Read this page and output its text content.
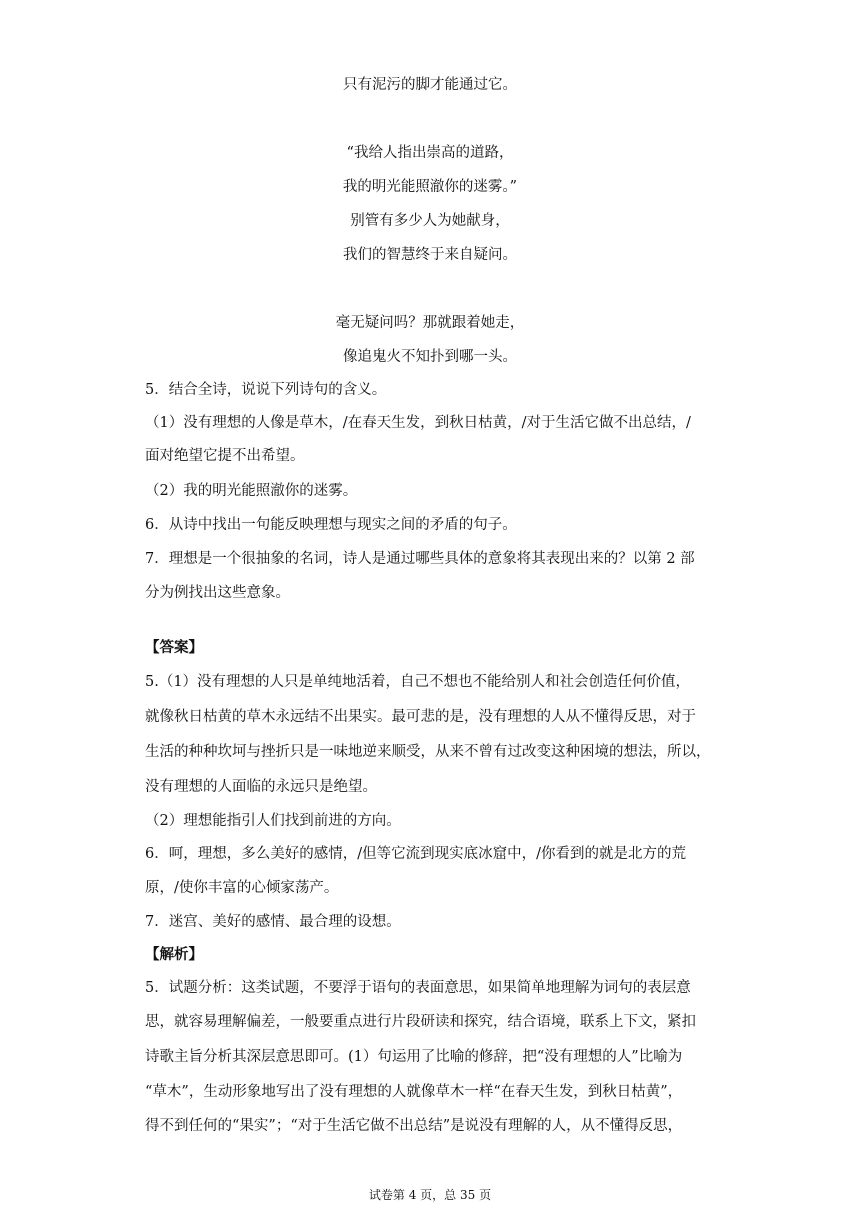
只有泥污的脚才能通过它。
“我给人指出崇高的道路，
我的明光能照澈你的迷雾。”
别管有多少人为她献身，
我们的智慧终于来自疑问。
毫无疑问吗？那就跟着她走，
像追鬼火不知扑到哪一头。
5．结合全诗，说说下列诗句的含义。
（1）没有理想的人像是草木，/在春天生发，到秋日枯黄，/对于生活它做不出总结，/
面对绝望它提不出希望。
（2）我的明光能照澈你的迷雾。
6．从诗中找出一句能反映理想与现实之间的矛盾的句子。
7．理想是一个很抽象的名词，诗人是通过哪些具体的意象将其表现出来的？以第 2 部
分为例找出这些意象。
【答案】
5.（1）没有理想的人只是单纯地活着，自己不想也不能给别人和社会创造任何价值，
就像秋日枯黄的草木永远结不出果实。最可悲的是，没有理想的人从不懂得反思，对于
生活的种种坎坷与挫折只是一味地逆来顺受，从来不曾有过改变这种困境的想法，所以，
没有理想的人面临的永远只是绝望。
（2）理想能指引人们找到前进的方向。
6．呵，理想，多么美好的感情，/但等它流到现实底冰窟中，/你看到的就是北方的荒
原，/使你丰富的心倾家荡产。
7．迷宫、美好的感情、最合理的设想。
【解析】
5．试题分析：这类试题，不要浮于语句的表面意思，如果简单地理解为词句的表层意
思，就容易理解偏差，一般要重点进行片段研读和探究，结合语境，联系上下文，紧扣
诗歌主旨分析其深层意思即可。(1）句运用了比喻的修辞，把“没有理想的人”比喻为
“草木”，生动形象地写出了没有理想的人就像草木一样“在春天生发，到秋日枯黄”，
得不到任何的“果实”；“对于生活它做不出总结”是说没有理解的人，从不懂得反思，
试卷第 4 页，总 35 页
